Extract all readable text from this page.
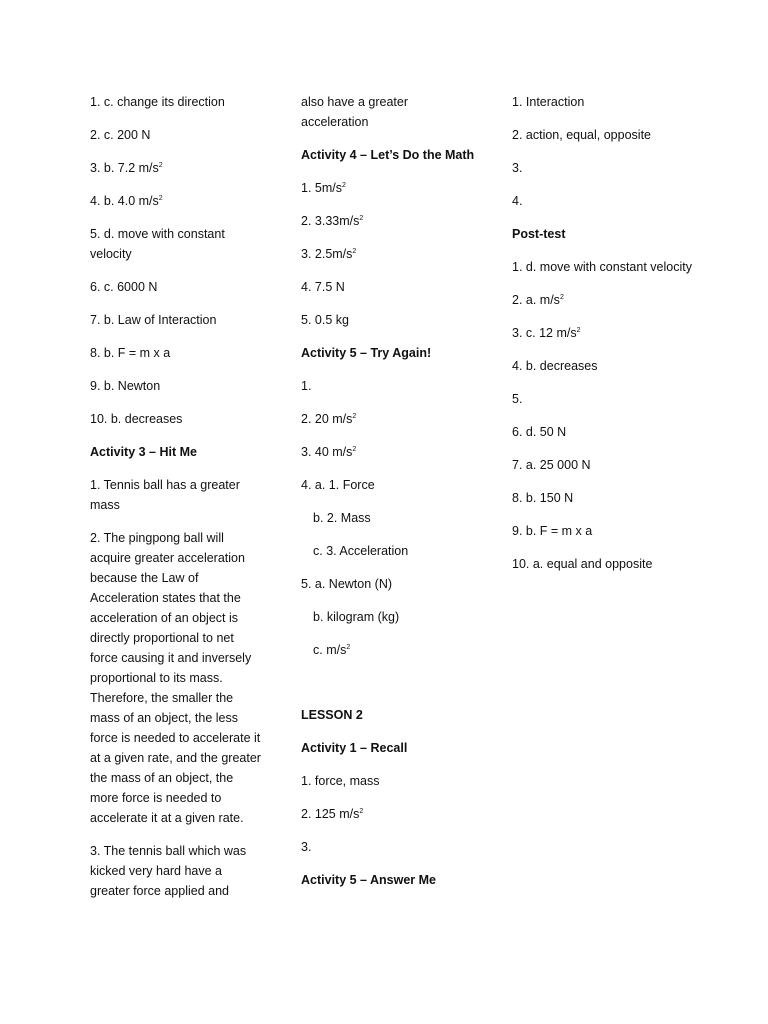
1. c. change its direction

2. c. 200 N

3. b. 7.2 $m/s^2$

4. b. 4.0 $m/s^2$

5. d. move with constant velocity

6. c. 6000 N

7. b. Law of Interaction

8. b. F = m x a

9. b. Newton

10. b. decreases

Activity 3 – Hit Me

1. Tennis ball has a greater mass

2. The pingpong ball will acquire greater acceleration because the Law of Acceleration states that the acceleration of an object is directly proportional to net force causing it and inversely proportional to its mass. Therefore, the smaller the mass of an object, the less force is needed to accelerate it at a given rate, and the greater the mass of an object, the more force is needed to accelerate it at a given rate.

3. The tennis ball which was kicked very hard have a greater force applied and

also have a greater acceleration

Activity 4 – Let’s Do the Math

1. $5m/s^2$

2. $3.33m/s^2$

3. $2.5m/s^2$

4. 7.5 N

5. 0.5 kg

Activity 5 – Try Again!

1.

2. 20 $m/s^2$

3. 40 $m/s^2$

4. a. 1. Force

b. 2. Mass

c. 3. Acceleration

5. a. Newton (N)

b. kilogram (kg)

c. $m/s^2$

LESSON 2

Activity 1 – Recall

1. force, mass

2. 125 $m/s^2$

3.

Activity 5 – Answer Me

1. Interaction

2. action, equal, opposite

3.

4.

Post-test

1. d. move with constant velocity

2. a. $m/s^2$

3. c. 12 $m/s^2$

4. b. decreases

5.

6. d. 50 N

7. a. 25 000 N

8. b. 150 N

9. b. F = m x a

10. a. equal and opposite
